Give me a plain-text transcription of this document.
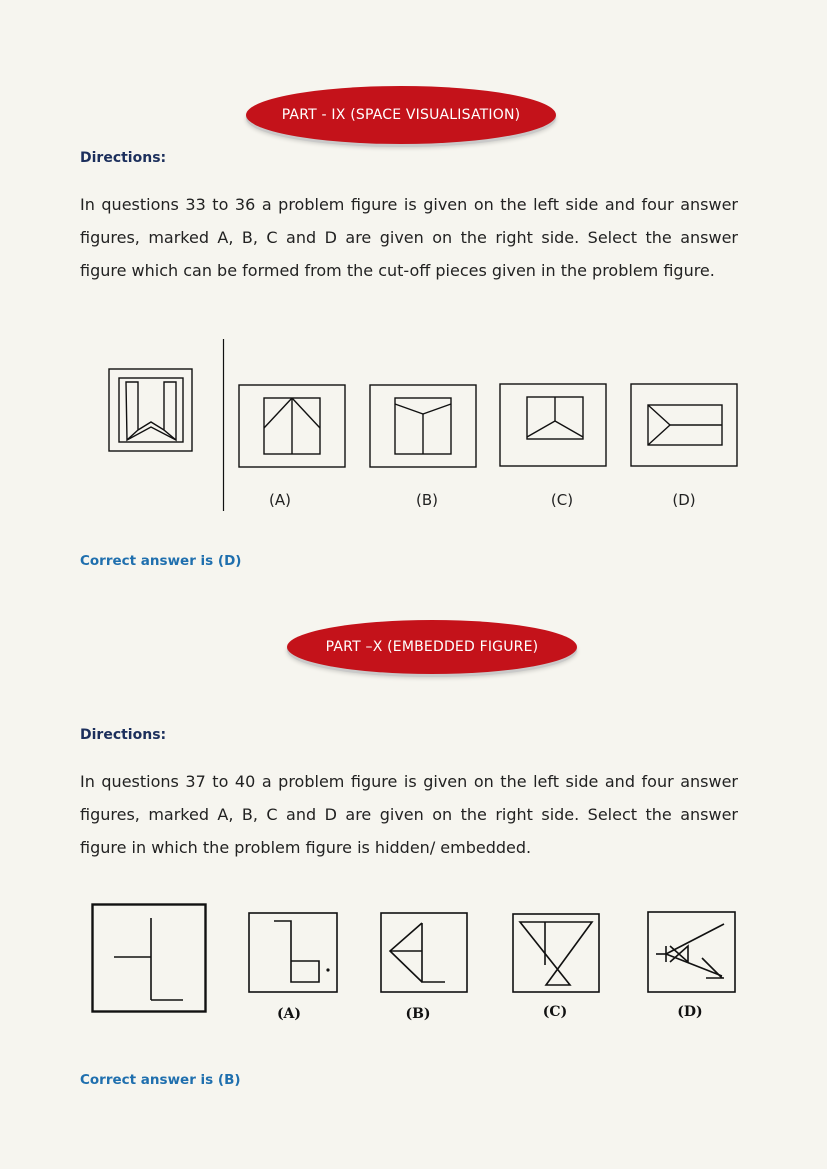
PART - IX (SPACE VISUALISATION)
Directions:

In questions 33 to 36 a problem figure is given on the left side and four answer figures, marked A, B, C and D are given on the right side. Select the answer figure which can be formed from the cut-off pieces given in the problem figure.

(A)	(B)	(C)	(D)
Correct answer is (D)
PART –X (EMBEDDED FIGURE)
Directions:

In questions 37 to 40 a problem figure is given on the left side and four answer figures, marked A, B, C and D are given on the right side. Select the answer figure in which the problem figure is hidden/ embedded.

(A)	(B)	(C)	(D)
Correct answer is (B)
